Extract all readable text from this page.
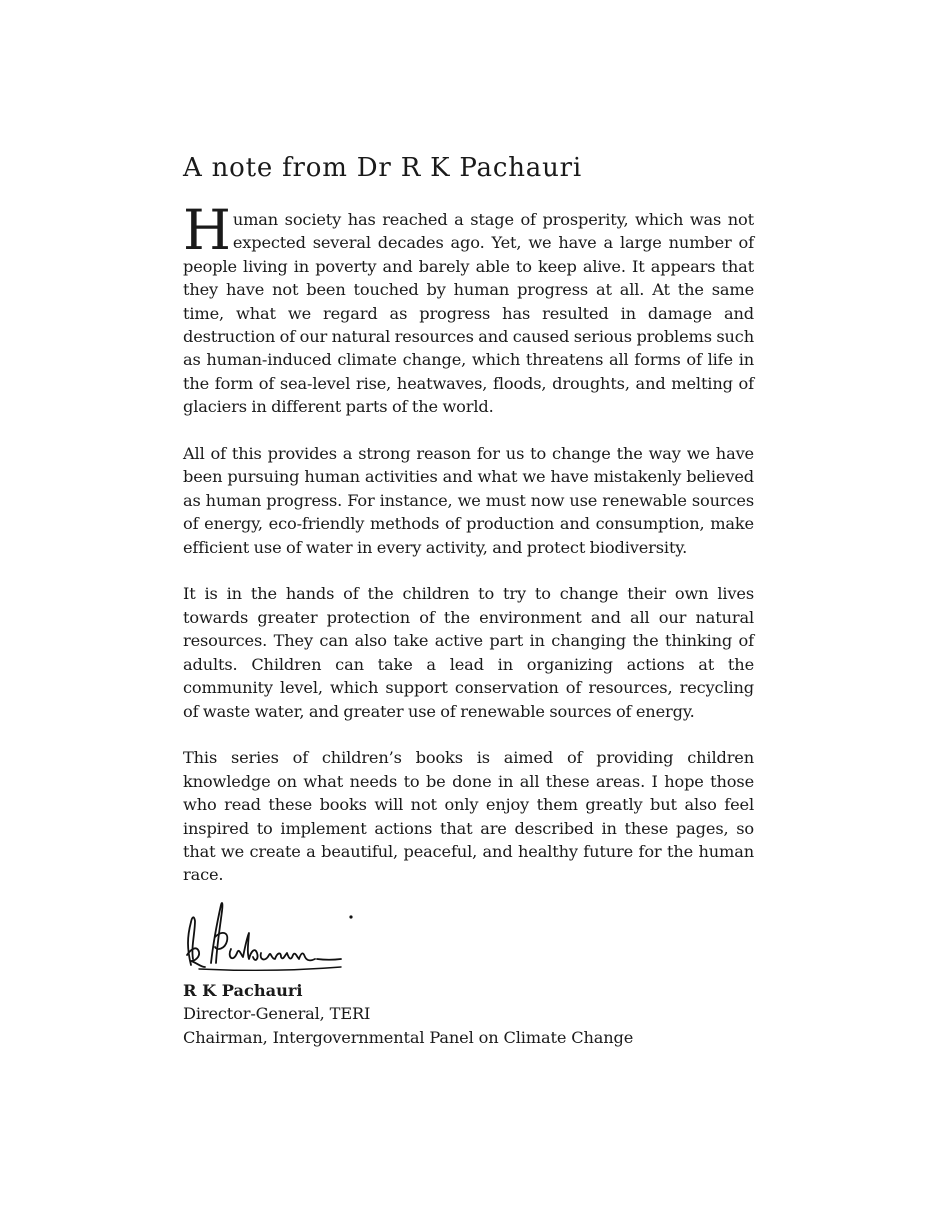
A note from Dr R K Pachauri

Human society has reached a stage of prosperity, which was not expected several decades ago. Yet, we have a large number of people living in poverty and barely able to keep alive. It appears that they have not been touched by human progress at all. At the same time, what we regard as progress has resulted in damage and destruction of our natural resources and caused serious problems such as human-induced climate change, which threatens all forms of life in the form of sea-level rise, heatwaves, floods, droughts, and melting of glaciers in different parts of the world.

All of this provides a strong reason for us to change the way we have been pursuing human activities and what we have mistakenly believed as human progress. For instance, we must now use renewable sources of energy, eco-friendly methods of production and consumption, make efficient use of water in every activity, and protect biodiversity.

It is in the hands of the children to try to change their own lives towards greater protection of the environment and all our natural resources. They can also take active part in changing the thinking of adults. Children can take a lead in organizing actions at the community level, which support conservation of resources, recycling of waste water, and greater use of renewable sources of energy.

This series of children’s books is aimed of providing children knowledge on what needs to be done in all these areas. I hope those who read these books will not only enjoy them greatly but also feel inspired to implement actions that are described in these pages, so that we create a beautiful, peaceful, and healthy future for the human race.

R K Pachauri

Director-General, TERI

Chairman, Intergovernmental Panel on Climate Change
